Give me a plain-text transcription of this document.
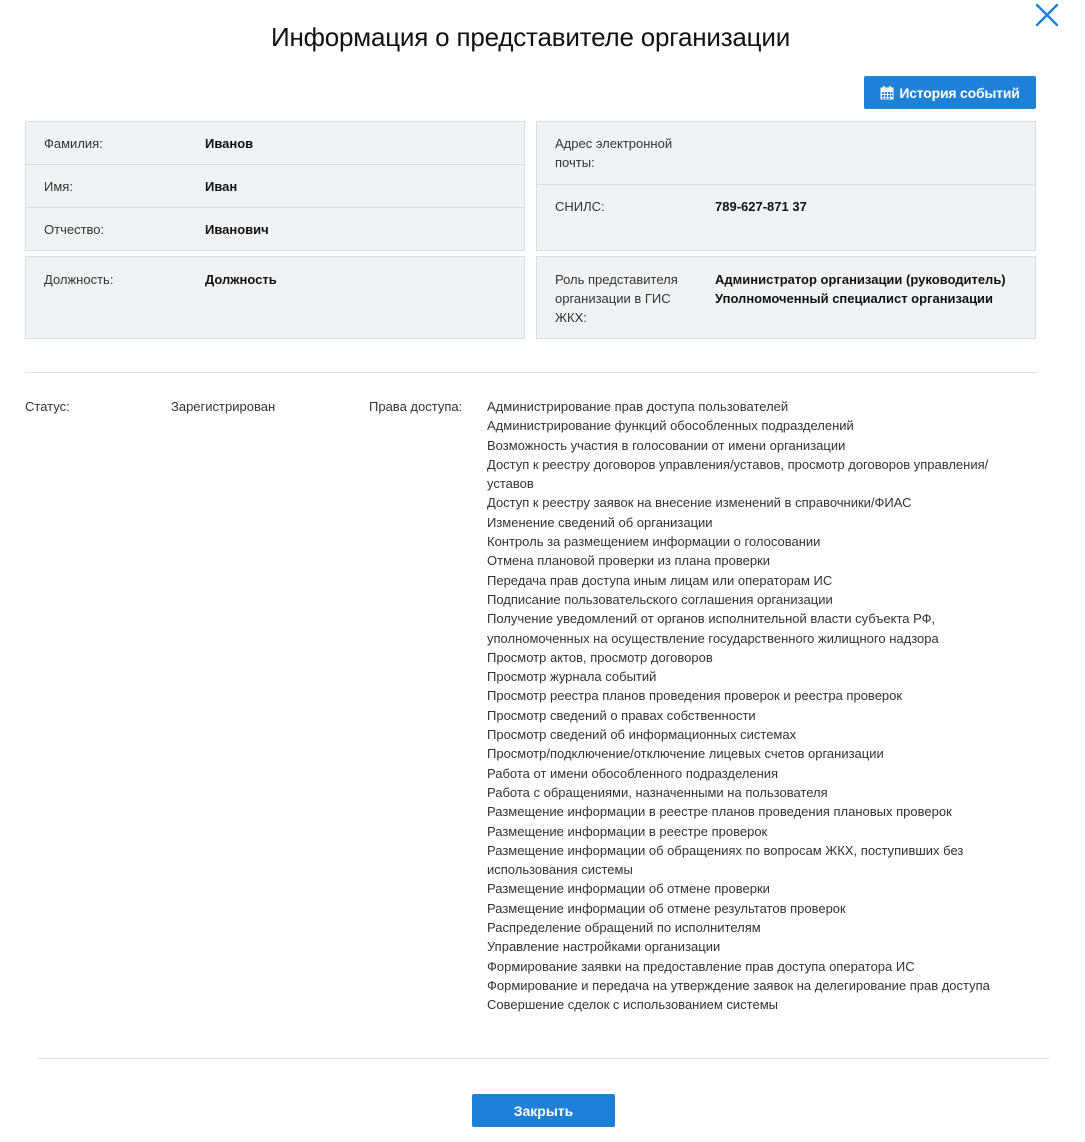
Информация о представителе организации
История событий
Фамилия:	Иванов
Имя:	Иван
Отчество:	Иванович
Адрес электронной
почты:
СНИЛС:	789-627-871 37
Должность:	Должность	Роль представителя
организации в ГИС
ЖКХ:
Администратор организации (руководитель)
Уполномоченный специалист организации
Статус:	Зарегистрирован	Права доступа: Администрирование прав доступа пользователей
Администрирование функций обособленных подразделений
Возможность участия в голосовании от имени организации
Доступ к реестру договоров управления/уставов, просмотр договоров управления/
уставов
Доступ к реестру заявок на внесение изменений в справочники/ФИАС
Изменение сведений об организации
Контроль за размещением информации о голосовании
Отмена плановой проверки из плана проверки
Передача прав доступа иным лицам или операторам ИС
Подписание пользовательского соглашения организации
Получение уведомлений от органов исполнительной власти субъекта РФ,
уполномоченных на осуществление государственного жилищного надзора
Просмотр актов, просмотр договоров
Просмотр журнала событий
Просмотр реестра планов проведения проверок и реестра проверок
Просмотр сведений о правах собственности
Просмотр сведений об информационных системах
Просмотр/подключение/отключение лицевых счетов организации
Работа от имени обособленного подразделения
Работа с обращениями, назначенными на пользователя
Размещение информации в реестре планов проведения плановых проверок
Размещение информации в реестре проверок
Размещение информации об обращениях по вопросам ЖКХ, поступивших без
использования системы
Размещение информации об отмене проверки
Размещение информации об отмене результатов проверок
Распределение обращений по исполнителям
Управление настройками организации
Формирование заявки на предоставление прав доступа оператора ИС
Формирование и передача на утверждение заявок на делегирование прав доступа
Совершение сделок с использованием системы
Закрыть
